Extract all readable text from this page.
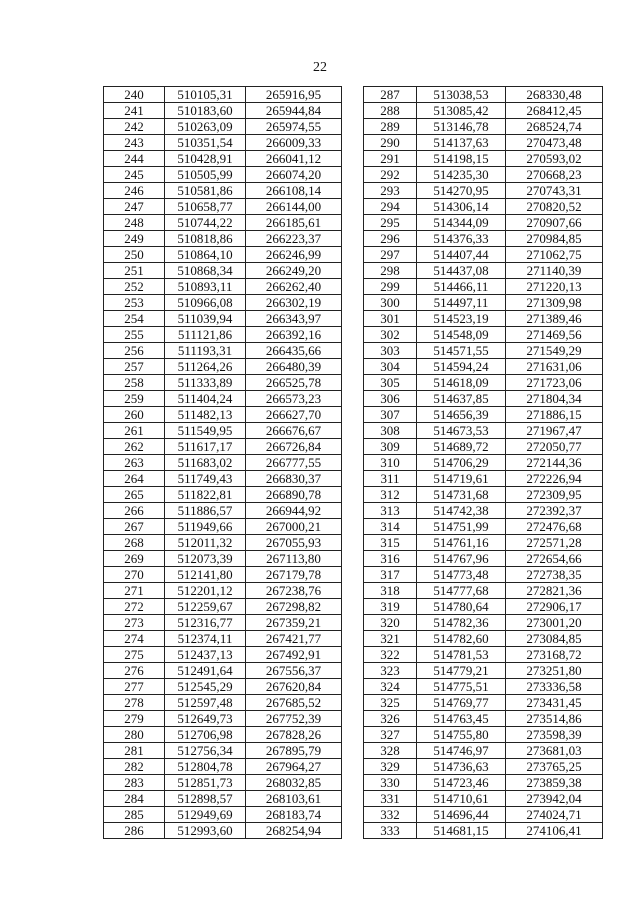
22
240	510105,31	265916,95
241	510183,60	265944,84
242	510263,09	265974,55
243	510351,54	266009,33
244	510428,91	266041,12
245	510505,99	266074,20
246	510581,86	266108,14
247	510658,77	266144,00
248	510744,22	266185,61
249	510818,86	266223,37
250	510864,10	266246,99
251	510868,34	266249,20
252	510893,11	266262,40
253	510966,08	266302,19
254	511039,94	266343,97
255	511121,86	266392,16
256	511193,31	266435,66
257	511264,26	266480,39
258	511333,89	266525,78
259	511404,24	266573,23
260	511482,13	266627,70
261	511549,95	266676,67
262	511617,17	266726,84
263	511683,02	266777,55
264	511749,43	266830,37
265	511822,81	266890,78
266	511886,57	266944,92
267	511949,66	267000,21
268	512011,32	267055,93
269	512073,39	267113,80
270	512141,80	267179,78
271	512201,12	267238,76
272	512259,67	267298,82
273	512316,77	267359,21
274	512374,11	267421,77
275	512437,13	267492,91
276	512491,64	267556,37
277	512545,29	267620,84
278	512597,48	267685,52
279	512649,73	267752,39
280	512706,98	267828,26
281	512756,34	267895,79
282	512804,78	267964,27
283	512851,73	268032,85
284	512898,57	268103,61
285	512949,69	268183,74
286	512993,60	268254,94
287	513038,53	268330,48
288	513085,42	268412,45
289	513146,78	268524,74
290	514137,63	270473,48
291	514198,15	270593,02
292	514235,30	270668,23
293	514270,95	270743,31
294	514306,14	270820,52
295	514344,09	270907,66
296	514376,33	270984,85
297	514407,44	271062,75
298	514437,08	271140,39
299	514466,11	271220,13
300	514497,11	271309,98
301	514523,19	271389,46
302	514548,09	271469,56
303	514571,55	271549,29
304	514594,24	271631,06
305	514618,09	271723,06
306	514637,85	271804,34
307	514656,39	271886,15
308	514673,53	271967,47
309	514689,72	272050,77
310	514706,29	272144,36
311	514719,61	272226,94
312	514731,68	272309,95
313	514742,38	272392,37
314	514751,99	272476,68
315	514761,16	272571,28
316	514767,96	272654,66
317	514773,48	272738,35
318	514777,68	272821,36
319	514780,64	272906,17
320	514782,36	273001,20
321	514782,60	273084,85
322	514781,53	273168,72
323	514779,21	273251,80
324	514775,51	273336,58
325	514769,77	273431,45
326	514763,45	273514,86
327	514755,80	273598,39
328	514746,97	273681,03
329	514736,63	273765,25
330	514723,46	273859,38
331	514710,61	273942,04
332	514696,44	274024,71
333	514681,15	274106,41
